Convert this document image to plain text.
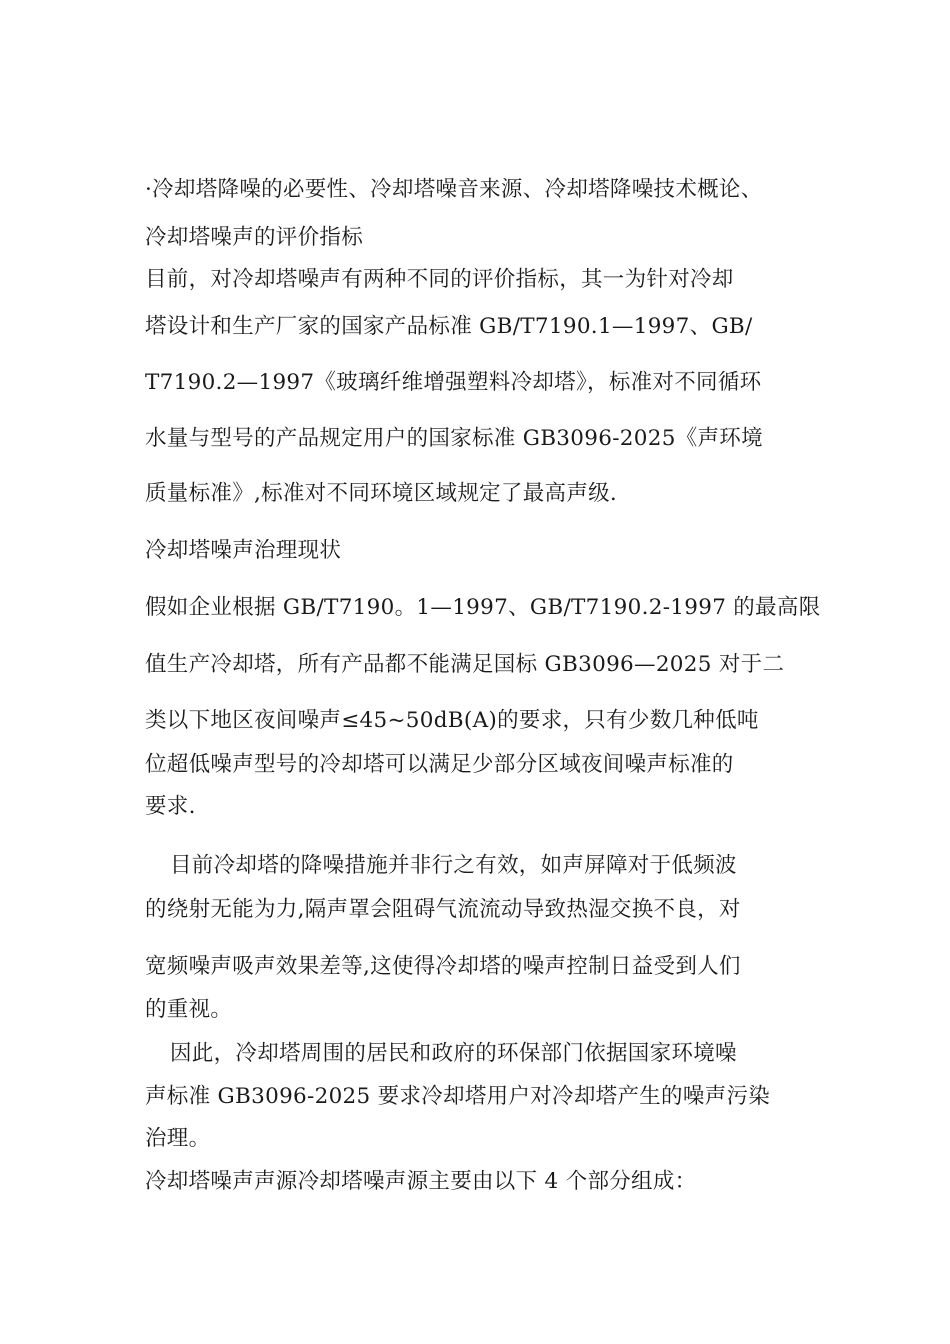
·冷却塔降噪的必要性、冷却塔噪音来源、冷却塔降噪技术概论、
冷却塔噪声的评价指标
目前，对冷却塔噪声有两种不同的评价指标，其一为针对冷却
塔设计和生产厂家的国家产品标准 GB/T7190.1—1997、GB/
T7190.2—1997《玻璃纤维增强塑料冷却塔》，标准对不同循环
水量与型号的产品规定用户的国家标准 GB3096-2025《声环境
质量标准》,标准对不同环境区域规定了最高声级.
冷却塔噪声治理现状
假如企业根据 GB/T7190。1—1997、GB/T7190.2-1997 的最高限
值生产冷却塔，所有产品都不能满足国标 GB3096—2025 对于二
类以下地区夜间噪声≤45~50dB(A)的要求，只有少数几种低吨
位超低噪声型号的冷却塔可以满足少部分区域夜间噪声标准的
要求.
目前冷却塔的降噪措施并非行之有效，如声屏障对于低频波
的绕射无能为力,隔声罩会阻碍气流流动导致热湿交换不良，对
宽频噪声吸声效果差等,这使得冷却塔的噪声控制日益受到人们
的重视。
因此，冷却塔周围的居民和政府的环保部门依据国家环境噪
声标准 GB3096-2025 要求冷却塔用户对冷却塔产生的噪声污染
治理。
冷却塔噪声声源冷却塔噪声源主要由以下 4 个部分组成：
